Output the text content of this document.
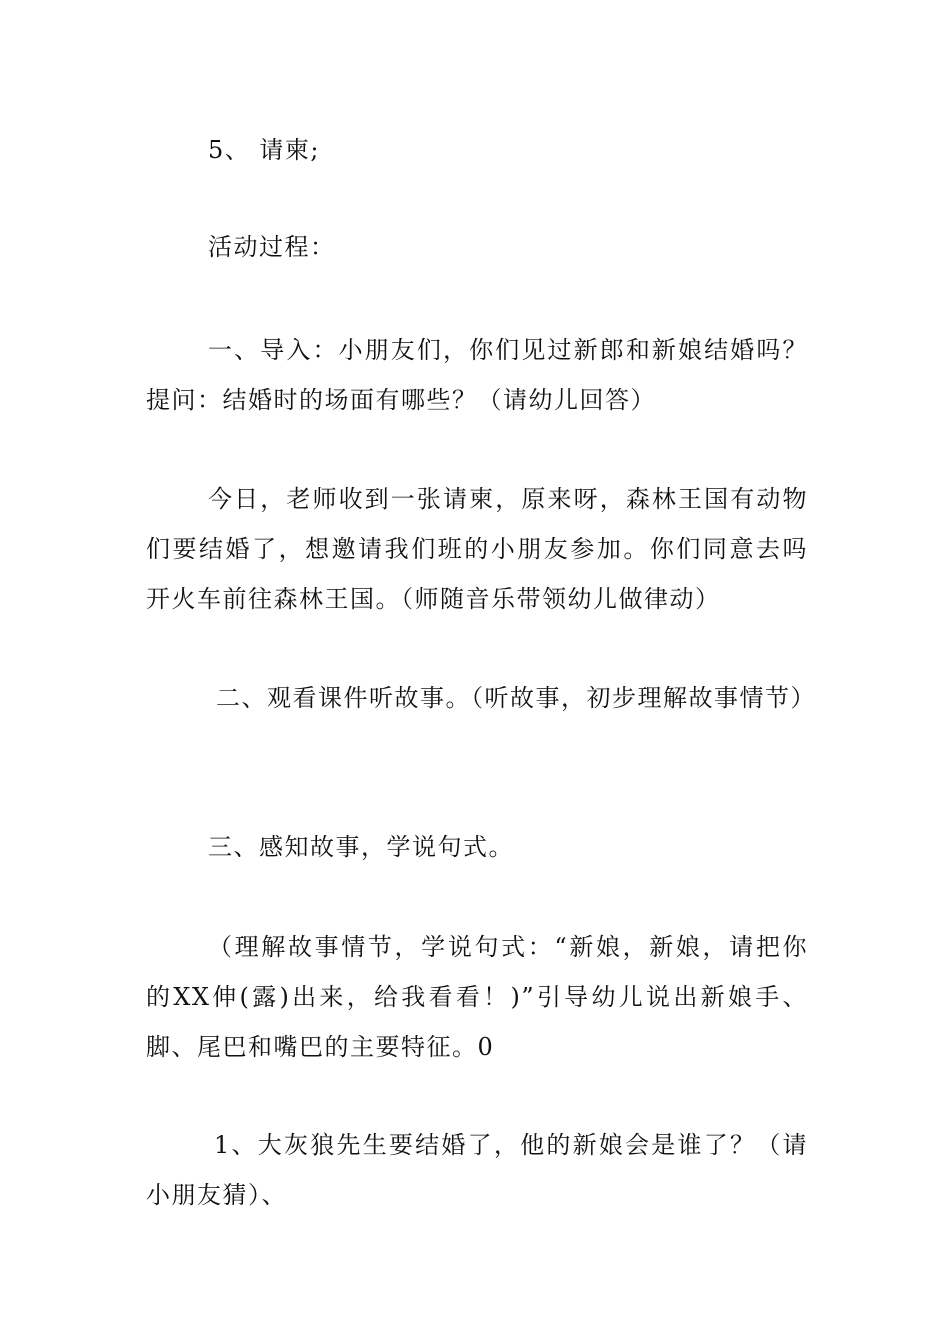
5、 请柬;

活动过程：

一、导入：小朋友们，你们见过新郎和新娘结婚吗？提问：结婚时的场面有哪些？（请幼儿回答）

今日，老师收到一张请柬，原来呀，森林王国有动物们要结婚了，想邀请我们班的小朋友参加。你们同意去吗开火车前往森林王国。（师随音乐带领幼儿做律动）

二、观看课件听故事。（听故事，初步理解故事情节）

三、感知故事，学说句式。

（理解故事情节，学说句式：“新娘，新娘，请把你的XX伸(露)出来，给我看看！)”引导幼儿说出新娘手、脚、尾巴和嘴巴的主要特征。0

1、大灰狼先生要结婚了，他的新娘会是谁了？（请小朋友猜）、
